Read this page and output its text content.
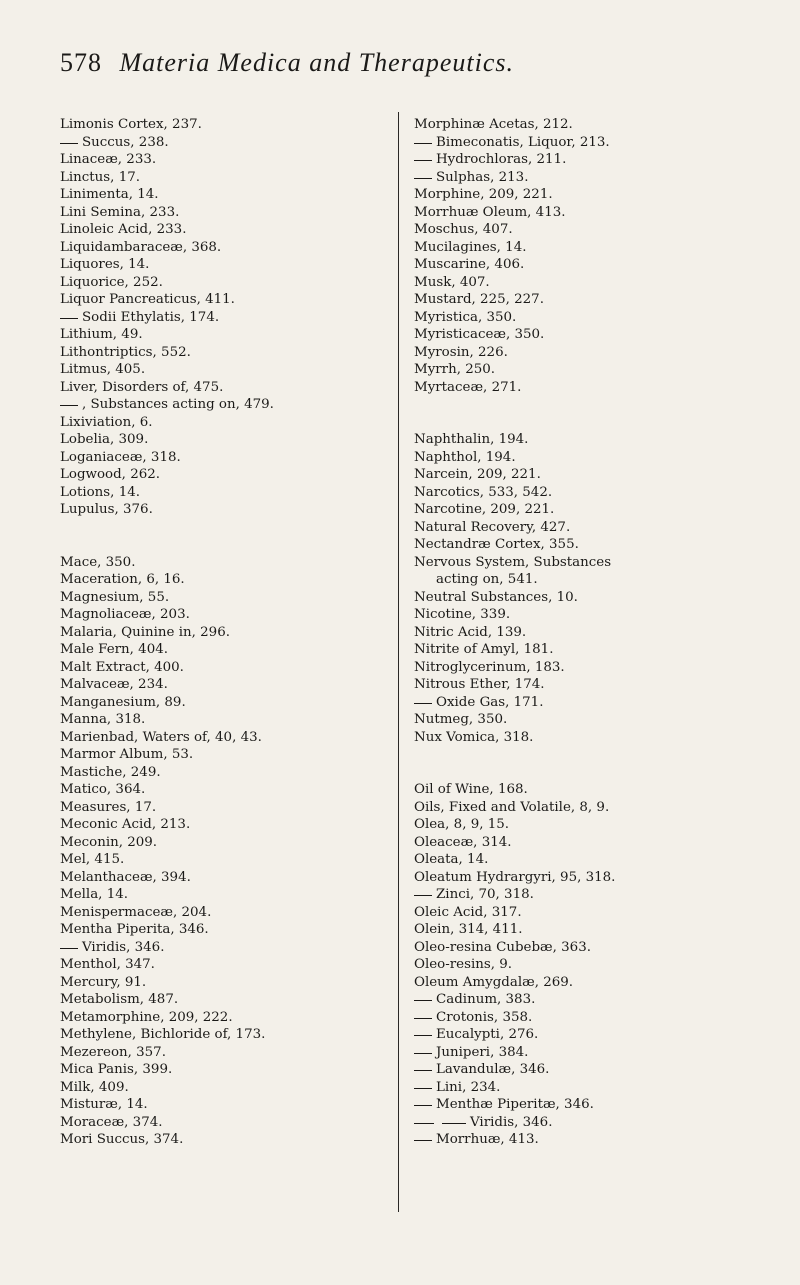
578 Materia Medica and Therapeutics.
Limonis Cortex, 237.
Succus, 238.
Linaceæ, 233.
Linctus, 17.
Linimenta, 14.
Lini Semina, 233.
Linoleic Acid, 233.
Liquidambaraceæ, 368.
Liquores, 14.
Liquorice, 252.
Liquor Pancreaticus, 411.
Sodii Ethylatis, 174.
Lithium, 49.
Lithontriptics, 552.
Litmus, 405.
Liver, Disorders of, 475.
, Substances acting on, 479.
Lixiviation, 6.
Lobelia, 309.
Loganiaceæ, 318.
Logwood, 262.
Lotions, 14.
Lupulus, 376.
Mace, 350.
Maceration, 6, 16.
Magnesium, 55.
Magnoliaceæ, 203.
Malaria, Quinine in, 296.
Male Fern, 404.
Malt Extract, 400.
Malvaceæ, 234.
Manganesium, 89.
Manna, 318.
Marienbad, Waters of, 40, 43.
Marmor Album, 53.
Mastiche, 249.
Matico, 364.
Measures, 17.
Meconic Acid, 213.
Meconin, 209.
Mel, 415.
Melanthaceæ, 394.
Mella, 14.
Menispermaceæ, 204.
Mentha Piperita, 346.
Viridis, 346.
Menthol, 347.
Mercury, 91.
Metabolism, 487.
Metamorphine, 209, 222.
Methylene, Bichloride of, 173.
Mezereon, 357.
Mica Panis, 399.
Milk, 409.
Misturæ, 14.
Moraceæ, 374.
Mori Succus, 374.
Morphinæ Acetas, 212.
Bimeconatis, Liquor, 213.
Hydrochloras, 211.
Sulphas, 213.
Morphine, 209, 221.
Morrhuæ Oleum, 413.
Moschus, 407.
Mucilagines, 14.
Muscarine, 406.
Musk, 407.
Mustard, 225, 227.
Myristica, 350.
Myristicaceæ, 350.
Myrosin, 226.
Myrrh, 250.
Myrtaceæ, 271.
Naphthalin, 194.
Naphthol, 194.
Narcein, 209, 221.
Narcotics, 533, 542.
Narcotine, 209, 221.
Natural Recovery, 427.
Nectandræ Cortex, 355.
Nervous System, Substances
acting on, 541.
Neutral Substances, 10.
Nicotine, 339.
Nitric Acid, 139.
Nitrite of Amyl, 181.
Nitroglycerinum, 183.
Nitrous Ether, 174.
Oxide Gas, 171.
Nutmeg, 350.
Nux Vomica, 318.
Oil of Wine, 168.
Oils, Fixed and Volatile, 8, 9.
Olea, 8, 9, 15.
Oleaceæ, 314.
Oleata, 14.
Oleatum Hydrargyri, 95, 318.
Zinci, 70, 318.
Oleic Acid, 317.
Olein, 314, 411.
Oleo-resina Cubebæ, 363.
Oleo-resins, 9.
Oleum Amygdalæ, 269.
Cadinum, 383.
Crotonis, 358.
Eucalypti, 276.
Juniperi, 384.
Lavandulæ, 346.
Lini, 234.
Menthæ Piperitæ, 346.
Viridis, 346.
Morrhuæ, 413.
